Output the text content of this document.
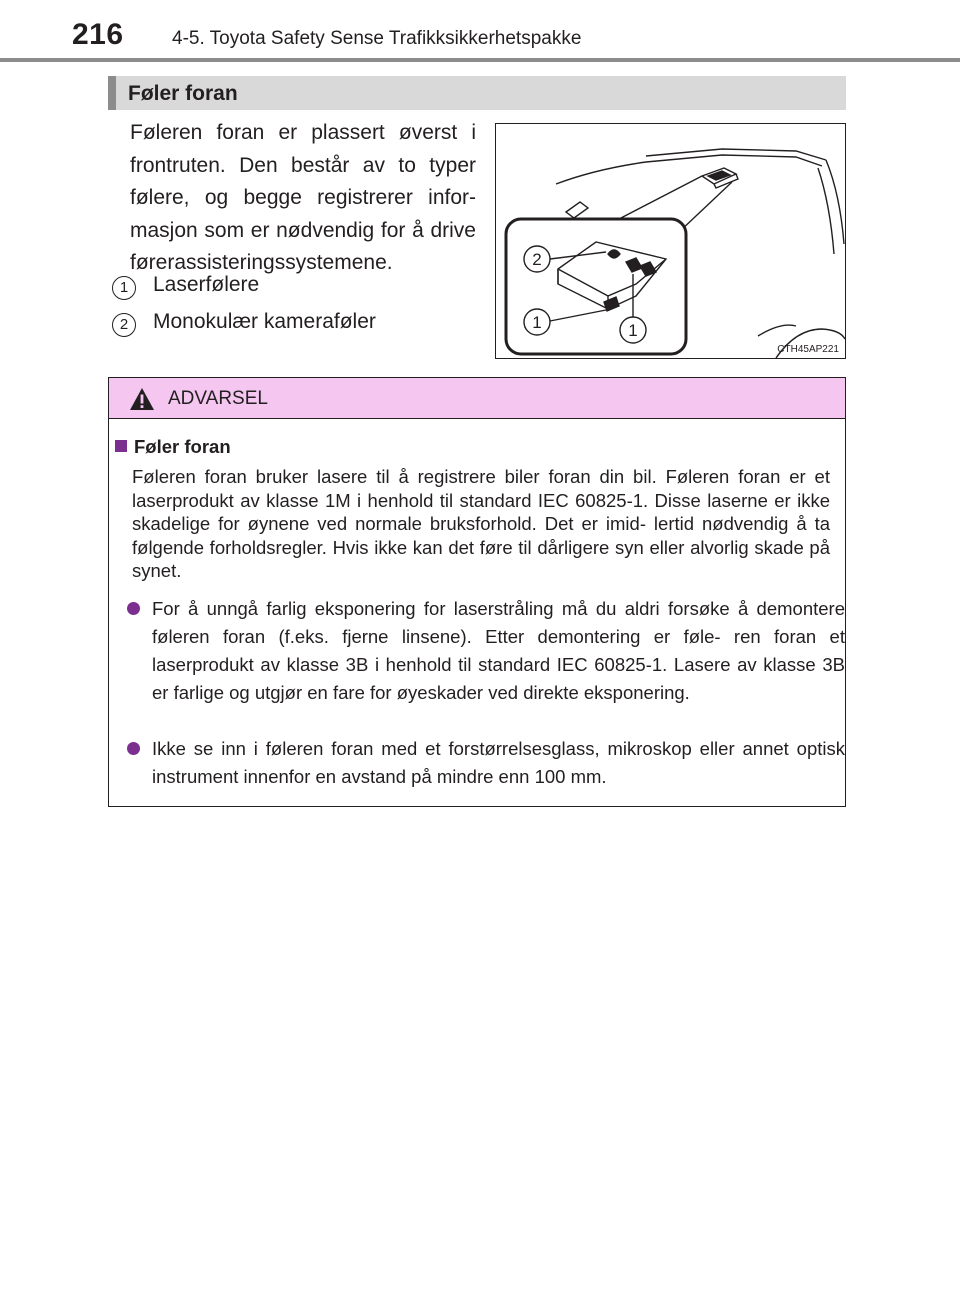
216	4-5. Toyota Safety Sense Trafikksikkerhetspakke
Føler foran

Føleren foran er plassert øverst i frontruten. Den består av to typer følere, og begge registrerer infor- masjon som er nødvendig for å drive førerassisteringssystemene.

1	Laserfølere
2	Monokulær kameraføler
2
1	1
CTH45AP221
ADVARSEL
Føler foran

Føleren foran bruker lasere til å registrere biler foran din bil. Føleren foran er et laserprodukt av klasse 1M i henhold til standard IEC 60825-1. Disse laserne er ikke skadelige for øynene ved normale bruksforhold. Det er imid- lertid nødvendig å ta følgende forholdsregler. Hvis ikke kan det føre til dårligere syn eller alvorlig skade på synet.

For å unngå farlig eksponering for laserstråling må du aldri forsøke å demontere føleren foran (f.eks. fjerne linsene). Etter demontering er føle- ren foran et laserprodukt av klasse 3B i henhold til standard IEC 60825-1. Lasere av klasse 3B er farlige og utgjør en fare for øyeskader ved direkte eksponering.
Ikke se inn i føleren foran med et forstørrelsesglass, mikroskop eller annet optisk instrument innenfor en avstand på mindre enn 100 mm.
